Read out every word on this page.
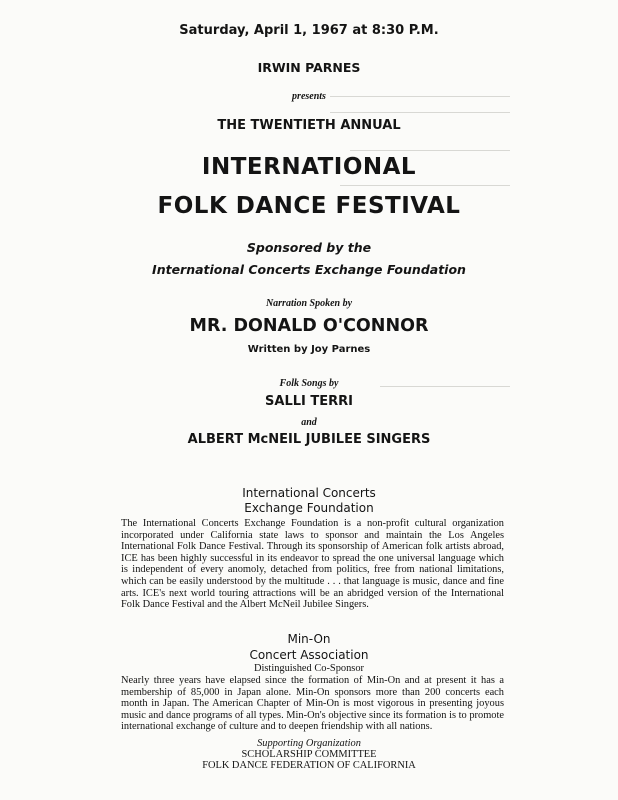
Saturday, April 1, 1967 at 8:30 P.M.
IRWIN PARNES
presents
THE TWENTIETH ANNUAL
INTERNATIONAL
FOLK DANCE FESTIVAL
Sponsored by the
International Concerts Exchange Foundation
Narration Spoken by
MR. DONALD O'CONNOR
Written by Joy Parnes
Folk Songs by
SALLI TERRI
and
ALBERT McNEIL JUBILEE SINGERS
International Concerts
Exchange Foundation

The International Concerts Exchange Foundation is a non-profit cultural organization incorporated under California state laws to sponsor and maintain the Los Angeles International Folk Dance Festival. Through its sponsorship of American folk artists abroad, ICE has been highly successful in its endeavor to spread the one universal language which is independent of every anomoly, detached from politics, free from national limitations, which can be easily understood by the multitude . . . that language is music, dance and fine arts. ICE's next world touring attractions will be an abridged version of the International Folk Dance Festival and the Albert McNeil Jubilee Singers.

Min-On
Concert Association
Distinguished Co-Sponsor

Nearly three years have elapsed since the formation of Min-On and at present it has a membership of 85,000 in Japan alone. Min-On sponsors more than 200 concerts each month in Japan. The American Chapter of Min-On is most vigorous in presenting joyous music and dance programs of all types. Min-On's objective since its formation is to promote international exchange of culture and to deepen friendship with all nations.

Supporting Organization
SCHOLARSHIP COMMITTEE
FOLK DANCE FEDERATION OF CALIFORNIA
